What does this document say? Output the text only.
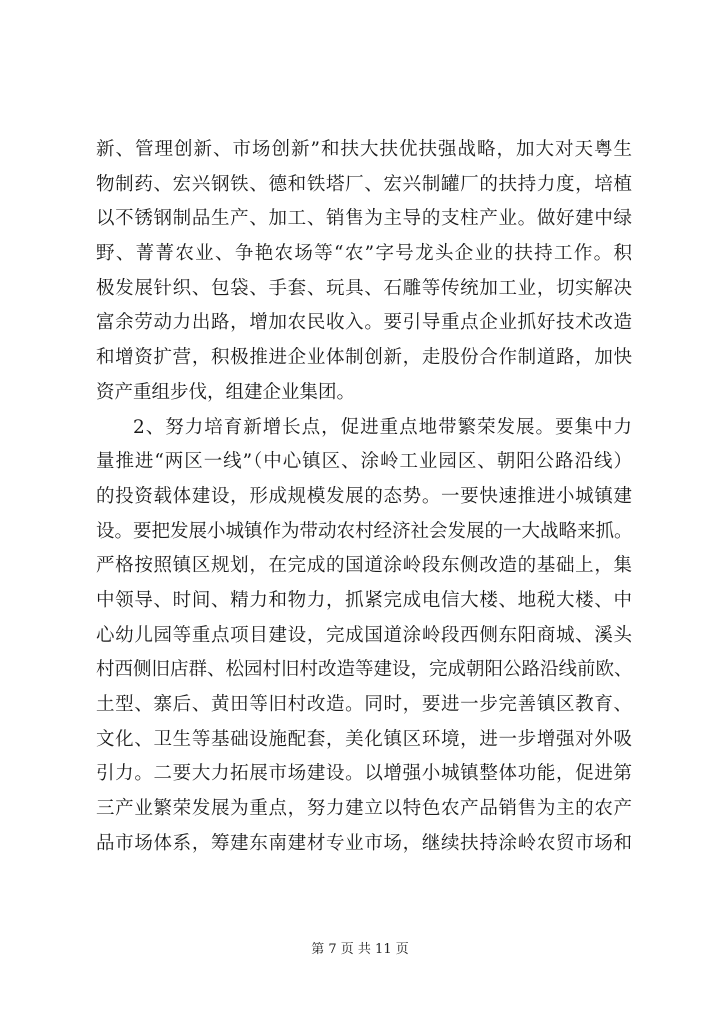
新、管理创新、市场创新”和扶大扶优扶强战略，加大对天粤生
物制药、宏兴钢铁、德和铁塔厂、宏兴制罐厂的扶持力度，培植
以不锈钢制品生产、加工、销售为主导的支柱产业。做好建中绿
野、菁菁农业、争艳农场等“农”字号龙头企业的扶持工作。积
极发展针织、包袋、手套、玩具、石雕等传统加工业，切实解决
富余劳动力出路，增加农民收入。要引导重点企业抓好技术改造
和增资扩营，积极推进企业体制创新，走股份合作制道路，加快
资产重组步伐，组建企业集团。
2、努力培育新增长点，促进重点地带繁荣发展。要集中力
量推进“两区一线”（中心镇区、涂岭工业园区、朝阳公路沿线）
的投资载体建设，形成规模发展的态势。一要快速推进小城镇建
设。要把发展小城镇作为带动农村经济社会发展的一大战略来抓。
严格按照镇区规划，在完成的国道涂岭段东侧改造的基础上，集
中领导、时间、精力和物力，抓紧完成电信大楼、地税大楼、中
心幼儿园等重点项目建设，完成国道涂岭段西侧东阳商城、溪头
村西侧旧店群、松园村旧村改造等建设，完成朝阳公路沿线前欧、
土型、寨后、黄田等旧村改造。同时，要进一步完善镇区教育、
文化、卫生等基础设施配套，美化镇区环境，进一步增强对外吸
引力。二要大力拓展市场建设。以增强小城镇整体功能，促进第
三产业繁荣发展为重点，努力建立以特色农产品销售为主的农产
品市场体系，筹建东南建材专业市场，继续扶持涂岭农贸市场和
第 7 页 共 11 页
